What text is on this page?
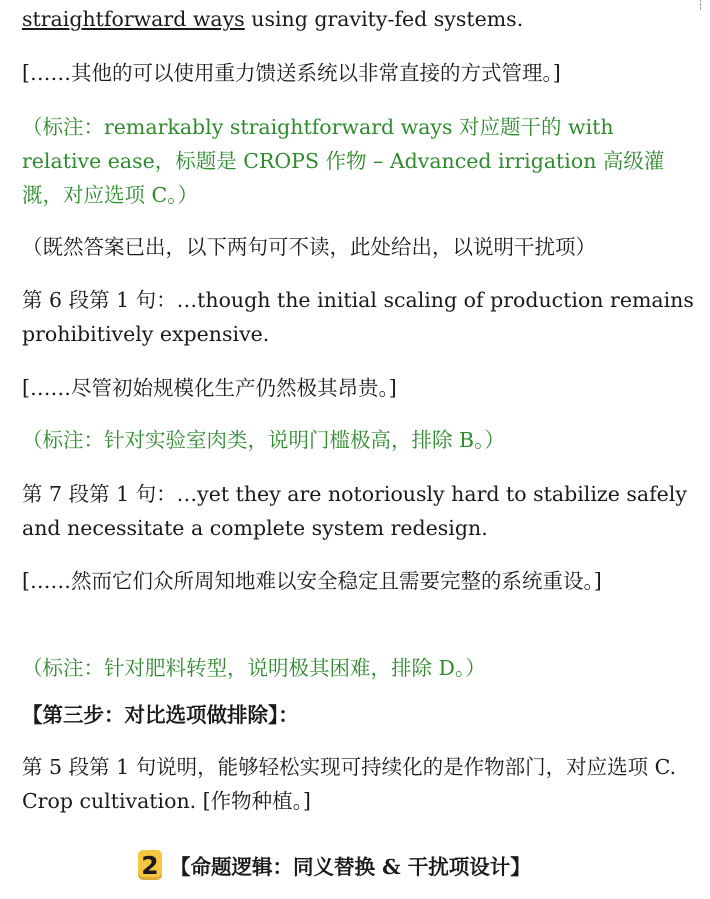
straightforward ways using gravity-fed systems.

[……其他的可以使用重力馈送系统以非常直接的方式管理。]

（标注：remarkably straightforward ways 对应题干的 with relative ease，标题是 CROPS 作物 – Advanced irrigation 高级灌溉，对应选项 C。）

（既然答案已出，以下两句可不读，此处给出，以说明干扰项）

第 6 段第 1 句：…though the initial scaling of production remains prohibitively expensive.

[……尽管初始规模化生产仍然极其昂贵。]

（标注：针对实验室肉类，说明门槛极高，排除 B。）

第 7 段第 1 句：…yet they are notoriously hard to stabilize safely and necessitate a complete system redesign.

[……然而它们众所周知地难以安全稳定且需要完整的系统重设。]

（标注：针对肥料转型，说明极其困难，排除 D。）

【第三步：对比选项做排除】：

第 5 段第 1 句说明，能够轻松实现可持续化的是作物部门，对应选项 C. Crop cultivation. [作物种植。]

2 【命题逻辑：同义替换 & 干扰项设计】
